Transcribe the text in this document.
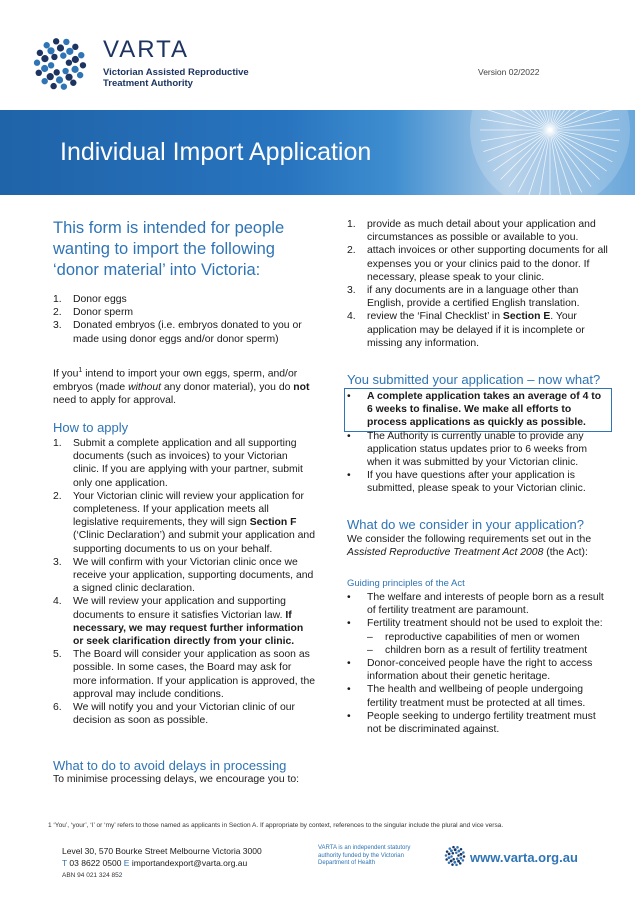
VARTA
Victorian Assisted Reproductive
Treatment Authority
Version 02/2022
Individual Import Application
This form is intended for people wanting to import the following ‘donor material’ into Victoria:
1. Donor eggs
2. Donor sperm
3. Donated embryos (i.e. embryos donated to you or made using donor eggs and/or donor sperm)
If you$^1$ intend to import your own eggs, sperm, and/or embryos (made without any donor material), you do not need to apply for approval.
How to apply
1. Submit a complete application and all supporting documents (such as invoices) to your Victorian clinic. If you are applying with your partner, submit only one application.
2. Your Victorian clinic will review your application for completeness. If your application meets all legislative requirements, they will sign Section F (‘Clinic Declaration’) and submit your application and supporting documents to us on your behalf.
3. We will confirm with your Victorian clinic once we receive your application, supporting documents, and a signed clinic declaration.
4. We will review your application and supporting documents to ensure it satisfies Victorian law. If necessary, we may request further information or seek clarification directly from your clinic.
5. The Board will consider your application as soon as possible. In some cases, the Board may ask for more information. If your application is approved, the approval may include conditions.
6. We will notify you and your Victorian clinic of our decision as soon as possible.
What to do to avoid delays in processing
To minimise processing delays, we encourage you to:
1. provide as much detail about your application and circumstances as possible or available to you.
2. attach invoices or other supporting documents for all expenses you or your clinics paid to the donor. If necessary, please speak to your clinic.
3. if any documents are in a language other than English, provide a certified English translation.
4. review the ‘Final Checklist’ in Section E. Your application may be delayed if it is incomplete or missing any information.
You submitted your application – now what?
• A complete application takes an average of 4 to 6 weeks to finalise. We make all efforts to process applications as quickly as possible.
• The Authority is currently unable to provide any application status updates prior to 6 weeks from when it was submitted by your Victorian clinic.
• If you have questions after your application is submitted, please speak to your Victorian clinic.
What do we consider in your application?
We consider the following requirements set out in the Assisted Reproductive Treatment Act 2008 (the Act):
Guiding principles of the Act
• The welfare and interests of people born as a result of fertility treatment are paramount.
• Fertility treatment should not be used to exploit the:
– reproductive capabilities of men or women
– children born as a result of fertility treatment
• Donor-conceived people have the right to access information about their genetic heritage.
• The health and wellbeing of people undergoing fertility treatment must be protected at all times.
• People seeking to undergo fertility treatment must not be discriminated against.
1 ‘You’, ‘your’, ‘I’ or ‘my’ refers to those named as applicants in Section A. If appropriate by context, references to the singular include the plural and vice versa.
Level 30, 570 Bourke Street Melbourne Victoria 3000
T 03 8622 0500 E importandexport@varta.org.au
ABN 94 021 324 852
VARTA is an independent statutory authority funded by the Victorian Department of Health	www.varta.org.au
